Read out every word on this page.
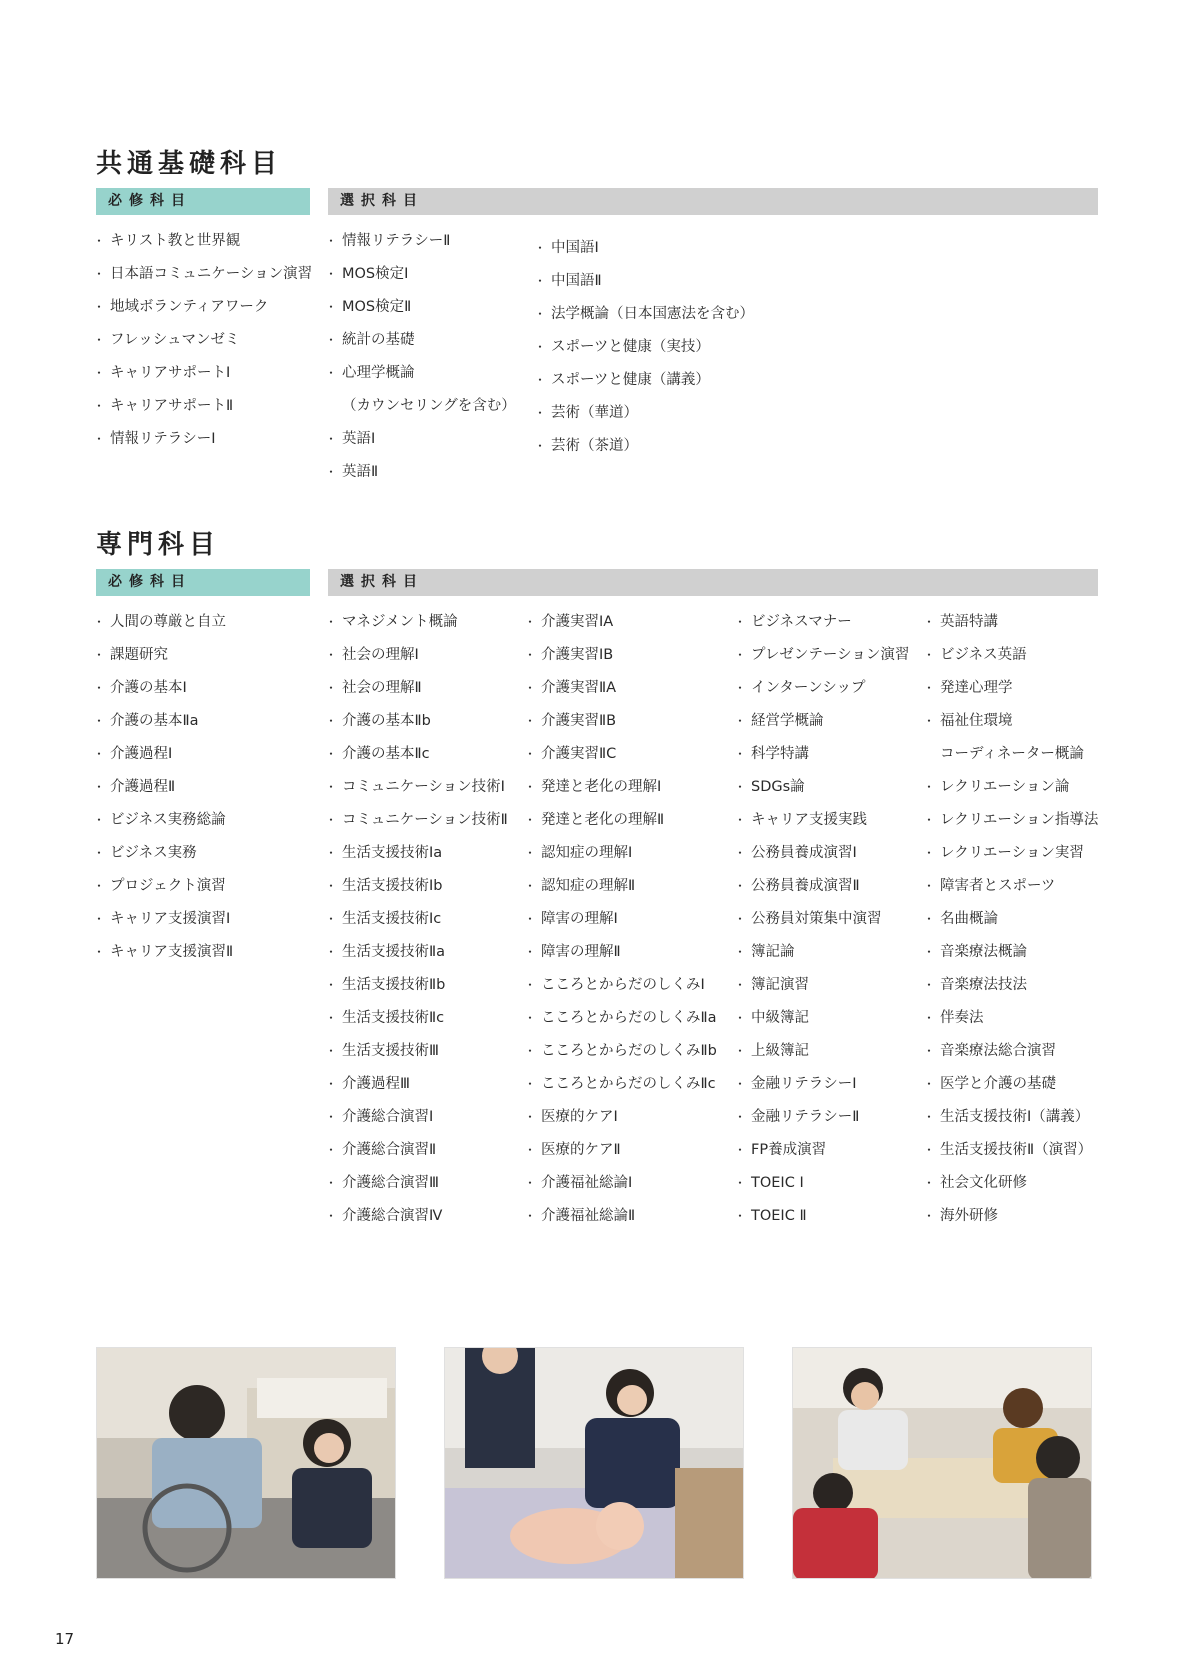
共通基礎科目
必修科目	選択科目
・ キリスト教と世界観
・ 日本語コミュニケーション演習
・ 地域ボランティアワーク
・ フレッシュマンゼミ
・ キャリアサポートⅠ
・ キャリアサポートⅡ
・ 情報リテラシーⅠ
・ 情報リテラシーⅡ
・ MOS検定Ⅰ
・ MOS検定Ⅱ
・ 統計の基礎
・ 心理学概論
（カウンセリングを含む）
・ 英語Ⅰ
・ 英語Ⅱ
・ 中国語Ⅰ
・ 中国語Ⅱ
・ 法学概論（日本国憲法を含む）
・ スポーツと健康（実技）
・ スポーツと健康（講義）
・ 芸術（華道）
・ 芸術（茶道）
専門科目
必修科目	選択科目
・ 人間の尊厳と自立
・ 課題研究
・ 介護の基本Ⅰ
・ 介護の基本Ⅱa
・ 介護過程Ⅰ
・ 介護過程Ⅱ
・ ビジネス実務総論
・ ビジネス実務
・ プロジェクト演習
・ キャリア支援演習Ⅰ
・ キャリア支援演習Ⅱ
・ マネジメント概論
・ 社会の理解Ⅰ
・ 社会の理解Ⅱ
・ 介護の基本Ⅱb
・ 介護の基本Ⅱc
・ コミュニケーション技術Ⅰ
・ コミュニケーション技術Ⅱ
・ 生活支援技術Ⅰa
・ 生活支援技術Ⅰb
・ 生活支援技術Ⅰc
・ 生活支援技術Ⅱa
・ 生活支援技術Ⅱb
・ 生活支援技術Ⅱc
・ 生活支援技術Ⅲ
・ 介護過程Ⅲ
・ 介護総合演習Ⅰ
・ 介護総合演習Ⅱ
・ 介護総合演習Ⅲ
・ 介護総合演習Ⅳ
・ 介護実習ⅠA
・ 介護実習ⅠB
・ 介護実習ⅡA
・ 介護実習ⅡB
・ 介護実習ⅡC
・ 発達と老化の理解Ⅰ
・ 発達と老化の理解Ⅱ
・ 認知症の理解Ⅰ
・ 認知症の理解Ⅱ
・ 障害の理解Ⅰ
・ 障害の理解Ⅱ
・ こころとからだのしくみⅠ
・ こころとからだのしくみⅡa
・ こころとからだのしくみⅡb
・ こころとからだのしくみⅡc
・ 医療的ケアⅠ
・ 医療的ケアⅡ
・ 介護福祉総論Ⅰ
・ 介護福祉総論Ⅱ
・ ビジネスマナー
・ プレゼンテーション演習
・ インターンシップ
・ 経営学概論
・ 科学特講
・ SDGs論
・ キャリア支援実践
・ 公務員養成演習Ⅰ
・ 公務員養成演習Ⅱ
・ 公務員対策集中演習
・ 簿記論
・ 簿記演習
・ 中級簿記
・ 上級簿記
・ 金融リテラシーⅠ
・ 金融リテラシーⅡ
・ FP養成演習
・ TOEIC Ⅰ
・ TOEIC Ⅱ
・ 英語特講
・ ビジネス英語
・ 発達心理学
・ 福祉住環境
コーディネーター概論
・ レクリエーション論
・ レクリエーション指導法
・ レクリエーション実習
・ 障害者とスポーツ
・ 名曲概論
・ 音楽療法概論
・ 音楽療法技法
・ 伴奏法
・ 音楽療法総合演習
・ 医学と介護の基礎
・ 生活支援技術Ⅰ（講義）
・ 生活支援技術Ⅱ（演習）
・ 社会文化研修
・ 海外研修
17
